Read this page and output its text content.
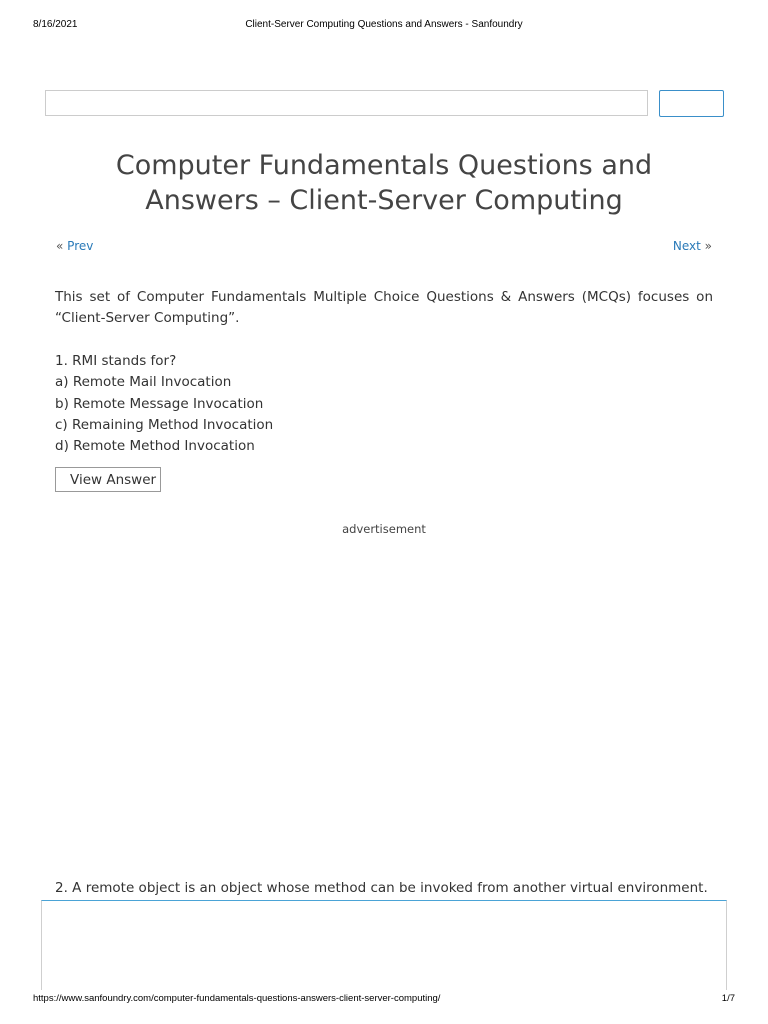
8/16/2021	Client-Server Computing Questions and Answers - Sanfoundry
Computer Fundamentals Questions and Answers – Client-Server Computing
« Prev	Next »

This set of Computer Fundamentals Multiple Choice Questions & Answers (MCQs) focuses on “Client-Server Computing”.

1. RMI stands for?
a) Remote Mail Invocation
b) Remote Message Invocation
c) Remaining Method Invocation
d) Remote Method Invocation
View Answer
advertisement
2. A remote object is an object whose method can be invoked from another virtual environment.
https://www.sanfoundry.com/computer-fundamentals-questions-answers-client-server-computing/	1/7
